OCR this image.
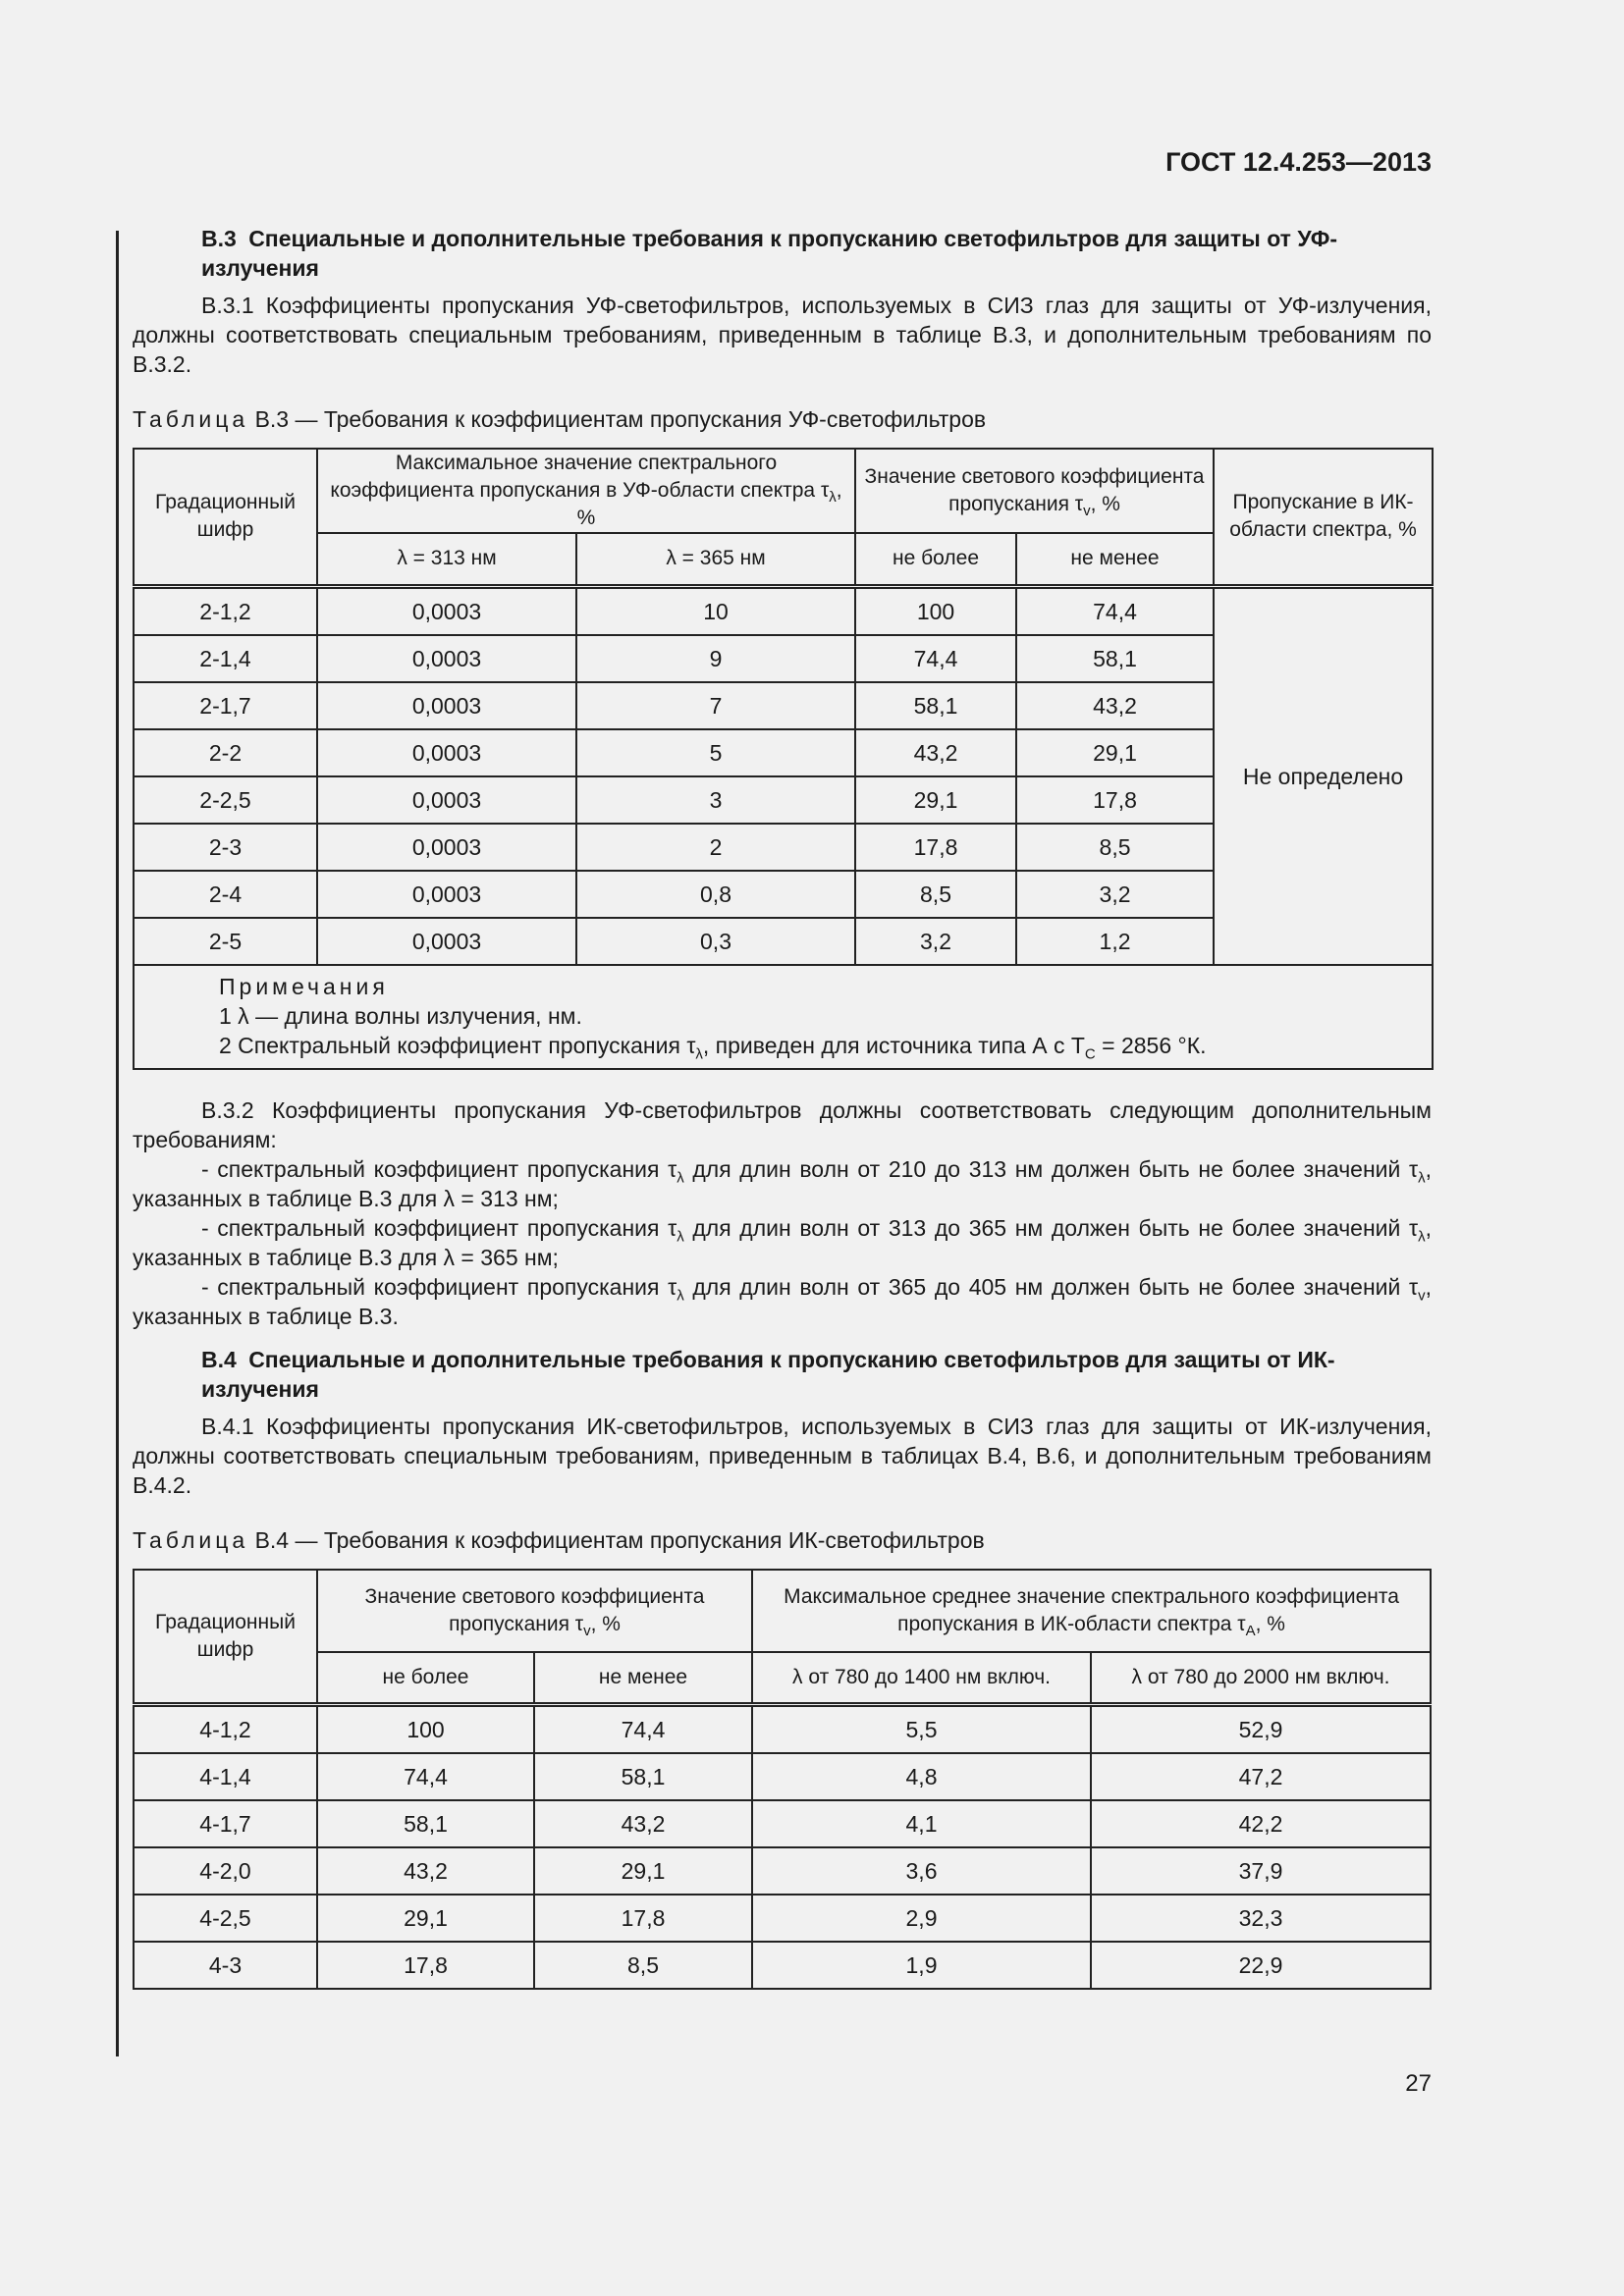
ГОСТ 12.4.253—2013
В.3 Специальные и дополнительные требования к пропусканию светофильтров для защиты от УФ-излучения

В.3.1 Коэффициенты пропускания УФ-светофильтров, используемых в СИЗ глаз для защиты от УФ-излучения, должны соответствовать специальным требованиям, приведенным в таблице В.3, и дополнительным требованиям по В.3.2.

Таблица В.3 — Требования к коэффициентам пропускания УФ-светофильтров

Градационный шифр	Максимальное значение спектрального коэффициента пропускания в УФ-области спектра $\tau_\lambda$, %		Значение светового коэффициента пропускания $\tau_v$, %		Пропускание в ИК-области спектра, %
	λ = 313 нм	λ = 365 нм	не более	не менее	
2-1,2	0,0003	10	100	74,4	Не определено
2-1,4	0,0003	9	74,4	58,1	
2-1,7	0,0003	7	58,1	43,2	
2-2	0,0003	5	43,2	29,1	
2-2,5	0,0003	3	29,1	17,8	
2-3	0,0003	2	17,8	8,5	
2-4	0,0003	0,8	8,5	3,2	
2-5	0,0003	0,3	3,2	1,2	

Примечания
1 λ — длина волны излучения, нм.
2 Спектральный коэффициент пропускания $\tau_\lambda$, приведен для источника типа А с $T_C = 2856$ °К.					

В.3.2 Коэффициенты пропускания УФ-светофильтров должны соответствовать следующим дополнительным требованиям:

- спектральный коэффициент пропускания $\tau_\lambda$ для длин волн от 210 до 313 нм должен быть не более значений $\tau_\lambda$, указанных в таблице В.3 для λ = 313 нм;

- спектральный коэффициент пропускания $\tau_\lambda$ для длин волн от 313 до 365 нм должен быть не более значений $\tau_\lambda$, указанных в таблице В.3 для λ = 365 нм;

- спектральный коэффициент пропускания $\tau_\lambda$ для длин волн от 365 до 405 нм должен быть не более значений $\tau_v$, указанных в таблице В.3.

В.4 Специальные и дополнительные требования к пропусканию светофильтров для защиты от ИК-излучения

В.4.1 Коэффициенты пропускания ИК-светофильтров, используемых в СИЗ глаз для защиты от ИК-излучения, должны соответствовать специальным требованиям, приведенным в таблицах В.4, В.6, и дополнительным требованиям В.4.2.

Таблица В.4 — Требования к коэффициентам пропускания ИК-светофильтров

Градационный шифр	Значение светового коэффициента пропускания $\tau_v$, %		Максимальное среднее значение спектрального коэффициента пропускания в ИК-области спектра $\tau_А$, %	
	не более	не менее	λ от 780 до 1400 нм включ.	λ от 780 до 2000 нм включ.
4-1,2	100	74,4	5,5	52,9
4-1,4	74,4	58,1	4,8	47,2
4-1,7	58,1	43,2	4,1	42,2
4-2,0	43,2	29,1	3,6	37,9
4-2,5	29,1	17,8	2,9	32,3
4-3	17,8	8,5	1,9	22,9
27
